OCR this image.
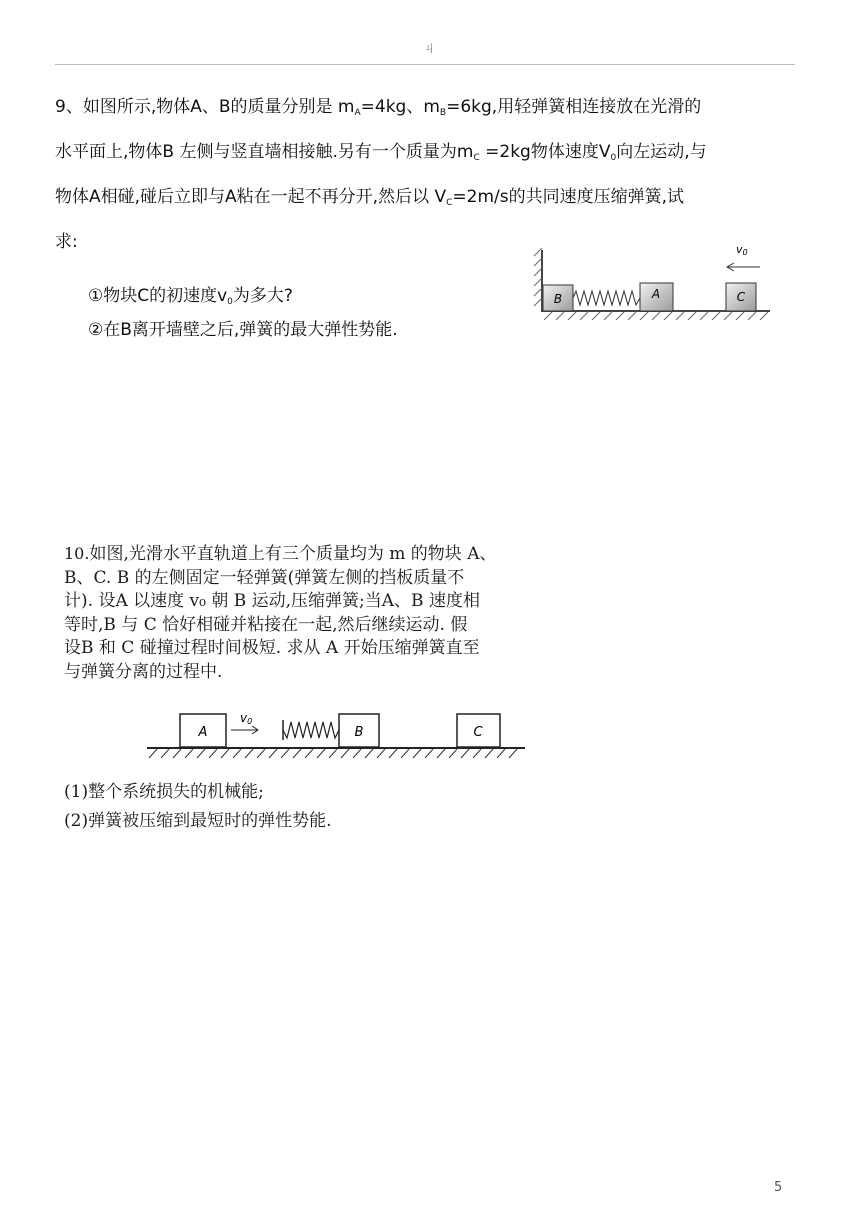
ㄐ

9、如图所示,物体A、B的质量分别是 $m_A=4kg$、$m_B=6kg$,用轻弹簧相连接放在光滑的

水平面上,物体B 左侧与竖直墙相接触.另有一个质量为$m_C =2kg$物体速度$V_0$向左运动,与

物体A相碰,碰后立即与A粘在一起不再分开,然后以 $V_C=2m/s$的共同速度压缩弹簧,试

求:

①物块C的初速度$v_0$为多大?
②在B离开墙壁之后,弹簧的最大弹性势能.
B	A	C
v0

10.如图,光滑水平直轨道上有三个质量均为 m 的物块 A、

B、C. B 的左侧固定一轻弹簧(弹簧左侧的挡板质量不

计). 设A 以速度 v₀ 朝 B 运动,压缩弹簧;当A、B 速度相

等时,B 与 C 恰好相碰并粘接在一起,然后继续运动. 假

设B 和 C 碰撞过程时间极短. 求从 A 开始压缩弹簧直至

与弹簧分离的过程中.

A
v0
B	C

(1)整个系统损失的机械能;

(2)弹簧被压缩到最短时的弹性势能.

5
